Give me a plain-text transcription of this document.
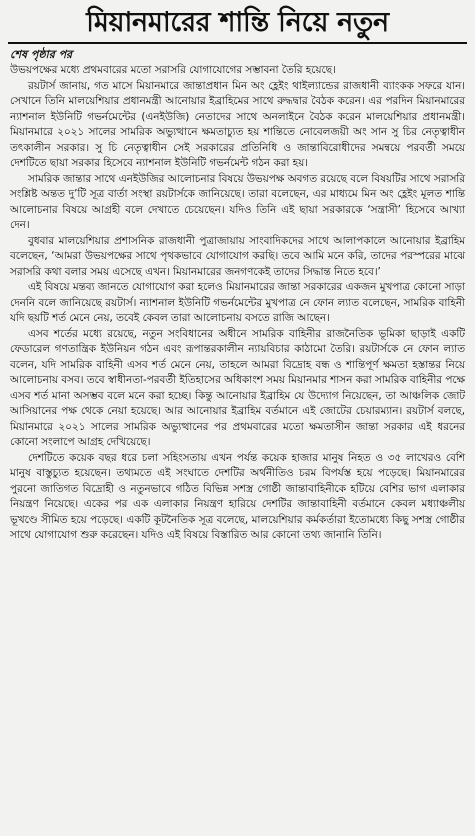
মিয়ানমারের শান্তি নিয়ে নতুন
শেষ পৃষ্ঠার পর

উভয়পক্ষের মধ্যে প্রথমবারের মতো সরাসরি যোগাযোগের সম্ভাবনা তৈরি হয়েছে।

রয়টার্স জানায়, গত মাসে মিয়ানমারে জান্তাপ্রধান মিন অং হ্লেইং থাইল্যান্ডের রাজধানী ব্যাংকক সফরে যান। সেখানে তিনি মালয়েশিয়ার প্রধানমন্ত্রী আনোয়ার ইব্রাহিমের সাথে রুদ্ধদ্বার বৈঠক করেন। এর পরদিন মিয়ানমারের ন্যাশনাল ইউনিটি গভর্নমেন্টের (এনইউজি) নেতাদের সাথে অনলাইনে বৈঠক করেন মালয়েশিয়ার প্রধানমন্ত্রী। মিয়ানমারে ২০২১ সালের সামরিক অভ্যুত্থানে ক্ষমতাচ্যুত হয় শান্তিতে নোবেলজয়ী অং সান সু চির নেতৃত্বাধীন তৎকালীন সরকার। সু চি নেতৃত্বাধীন সেই সরকারের প্রতিনিধি ও জান্তাবিরোধীদের সমন্বয়ে পরবর্তী সময়ে দেশটিতে ছায়া সরকার হিসেবে ন্যাশনাল ইউনিটি গভর্নমেন্ট গঠন করা হয়।

সামরিক জান্তার সাথে এনইউজির আলোচনার বিষয়ে উভয়পক্ষ অবগত রয়েছে বলে বিষয়টির সাথে সরাসরি সংশ্লিষ্ট অন্তত দু’টি সূত্র বার্তা সংস্থা রয়টার্সকে জানিয়েছে। তারা বলেছেন, এর মাধ্যমে মিন অং হ্লেইং মূলত শান্তি আলোচনার বিষয়ে আগ্রহী বলে দেখাতে চেয়েছেন। যদিও তিনি এই ছায়া সরকারকে ‘সন্ত্রাসী’ হিসেবে আখ্যা দেন।

বুধবার মালয়েশিয়ার প্রশাসনিক রাজধানী পুত্রাজায়ায় সাংবাদিকদের সাথে আলাপকালে আনোয়ার ইব্রাহিম বলেছেন, ‘আমরা উভয়পক্ষের সাথে পৃথকভাবে যোগাযোগ করছি। তবে আমি মনে করি, তাদের পরস্পরের মাঝে সরাসরি কথা বলার সময় এসেছে এখন। মিয়ানমারের জনগণকেই তাদের সিদ্ধান্ত নিতে হবে।’

এই বিষয়ে মন্তব্য জানতে যোগাযোগ করা হলেও মিয়ানমারের জান্তা সরকারের একজন মুখপাত্র কোনো সাড়া দেননি বলে জানিয়েছে রয়টার্স। ন্যাশনাল ইউনিটি গভর্নমেন্টের মুখপাত্র নে ফোন ল্যাত বলেছেন, সামরিক বাহিনী যদি ছয়টি শর্ত মেনে নেয়, তবেই কেবল তারা আলোচনায় বসতে রাজি আছেন।

এসব শর্তের মধ্যে রয়েছে, নতুন সংবিধানের অধীনে সামরিক বাহিনীর রাজনৈতিক ভূমিকা ছাড়াই একটি ফেডারেল গণতান্ত্রিক ইউনিয়ন গঠন এবং রূপান্তরকালীন ন্যায়বিচার কাঠামো তৈরি। রয়টার্সকে নে ফোন ল্যাত বলেন, যদি সামরিক বাহিনী এসব শর্ত মেনে নেয়, তাহলে আমরা বিদ্রোহ বন্ধ ও শান্তিপূর্ণ ক্ষমতা হস্তান্তর নিয়ে আলোচনায় বসব। তবে স্বাধীনতা-পরবর্তী ইতিহাসের অধিকাংশ সময় মিয়ানমার শাসন করা সামরিক বাহিনীর পক্ষে এসব শর্ত মানা অসম্ভব বলে মনে করা হচ্ছে। কিন্তু আনোয়ার ইব্রাহিম যে উদ্যোগ নিয়েছেন, তা আঞ্চলিক জোট আসিয়ানের পক্ষ থেকে নেয়া হয়েছে। আর আনোয়ার ইব্রাহিম বর্তমানে এই জোটের চেয়ারম্যান। রয়টার্স বলছে, মিয়ানমারে ২০২১ সালের সামরিক অভ্যুত্থানের পর প্রথমবারের মতো ক্ষমতাসীন জান্তা সরকার এই ধরনের কোনো সংলাপে আগ্রহ দেখিয়েছে।

দেশটিতে কয়েক বছর ধরে চলা সহিংসতায় এখন পর্যন্ত কয়েক হাজার মানুষ নিহত ও ৩৫ লাখেরও বেশি মানুষ বাস্তুচ্যুত হয়েছেন। তথ্যমতে এই সংঘাতে দেশটির অর্থনীতিও চরম বিপর্যস্ত হয়ে পড়েছে। মিয়ানমারের পুরনো জাতিগত বিদ্রোহী ও নতুনভাবে গঠিত বিভিন্ন সশস্ত্র গোষ্ঠী জান্তাবাহিনীকে হটিয়ে বেশির ভাগ এলাকার নিয়ন্ত্রণ নিয়েছে। একের পর এক এলাকার নিয়ন্ত্রণ হারিয়ে দেশটির জান্তাবাহিনী বর্তমানে কেবল মধ্যাঞ্চলীয় ভূখণ্ডে সীমিত হয়ে পড়েছে। একটি কূটনৈতিক সূত্র বলেছে, মালয়েশিয়ার কর্মকর্তারা ইতোমধ্যে কিছু সশস্ত্র গোষ্ঠীর সাথে যোগাযোগ শুরু করেছেন। যদিও এই বিষয়ে বিস্তারিত আর কোনো তথ্য জানানি তিনি।
